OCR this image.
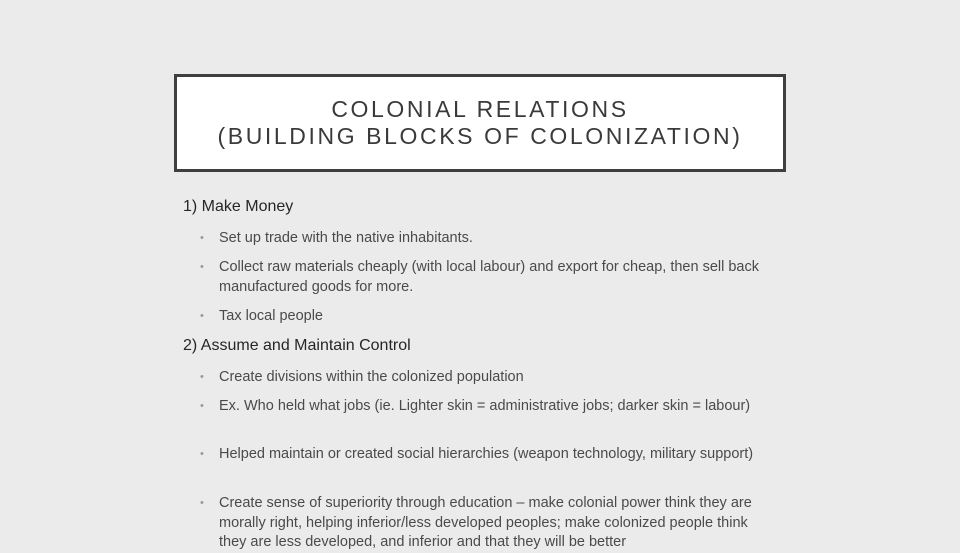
COLONIAL RELATIONS
(BUILDING BLOCKS OF COLONIZATION)
1) Make Money
•	Set up trade with the native inhabitants.
•	Collect raw materials cheaply (with local labour) and export for cheap, then sell back manufactured goods for more.
•	Tax local people
2) Assume and Maintain Control
•	Create divisions within the colonized population
•	Ex. Who held what jobs (ie. Lighter skin = administrative jobs; darker skin = labour)
•	Helped maintain or created social hierarchies (weapon technology, military support)
•	Create sense of superiority through education – make colonial power think they are morally right, helping inferior/less developed peoples; make colonized people think they are less developed, and inferior and that they will be better
